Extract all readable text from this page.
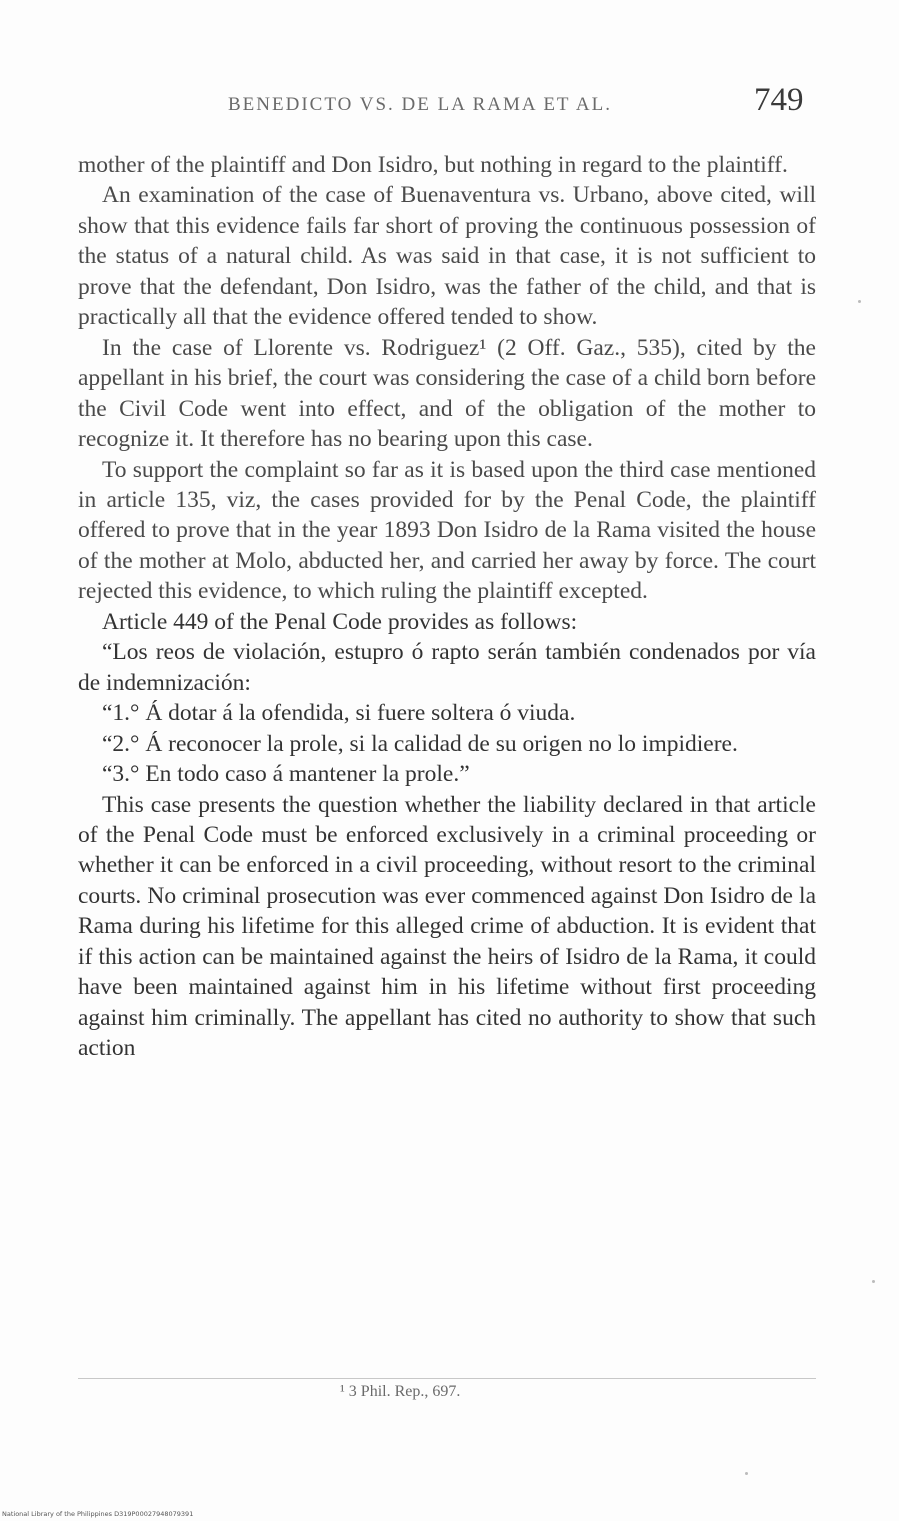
BENEDICTO VS. DE LA RAMA ET AL.	749

mother of the plaintiff and Don Isidro, but nothing in regard to the plaintiff.

An examination of the case of Buenaventura vs. Urbano, above cited, will show that this evidence fails far short of proving the continuous possession of the status of a natural child. As was said in that case, it is not sufficient to prove that the defendant, Don Isidro, was the father of the child, and that is practically all that the evidence offered tended to show.

In the case of Llorente vs. Rodriguez¹ (2 Off. Gaz., 535), cited by the appellant in his brief, the court was considering the case of a child born before the Civil Code went into effect, and of the obligation of the mother to recognize it. It therefore has no bearing upon this case.

To support the complaint so far as it is based upon the third case mentioned in article 135, viz, the cases provided for by the Penal Code, the plaintiff offered to prove that in the year 1893 Don Isidro de la Rama visited the house of the mother at Molo, abducted her, and carried her away by force. The court rejected this evidence, to which ruling the plaintiff excepted.

Article 449 of the Penal Code provides as follows:

“Los reos de violación, estupro ó rapto serán también condenados por vía de indemnización:

“1.° Á dotar á la ofendida, si fuere soltera ó viuda.

“2.° Á reconocer la prole, si la calidad de su origen no lo impidiere.

“3.° En todo caso á mantener la prole.”

This case presents the question whether the liability declared in that article of the Penal Code must be enforced exclusively in a criminal proceeding or whether it can be enforced in a civil proceeding, without resort to the criminal courts. No criminal prosecution was ever commenced against Don Isidro de la Rama during his lifetime for this alleged crime of abduction. It is evident that if this action can be maintained against the heirs of Isidro de la Rama, it could have been maintained against him in his lifetime without first proceeding against him criminally. The appellant has cited no authority to show that such action

¹ 3 Phil. Rep., 697.
National Library of the Philippines D319P00027948079391
